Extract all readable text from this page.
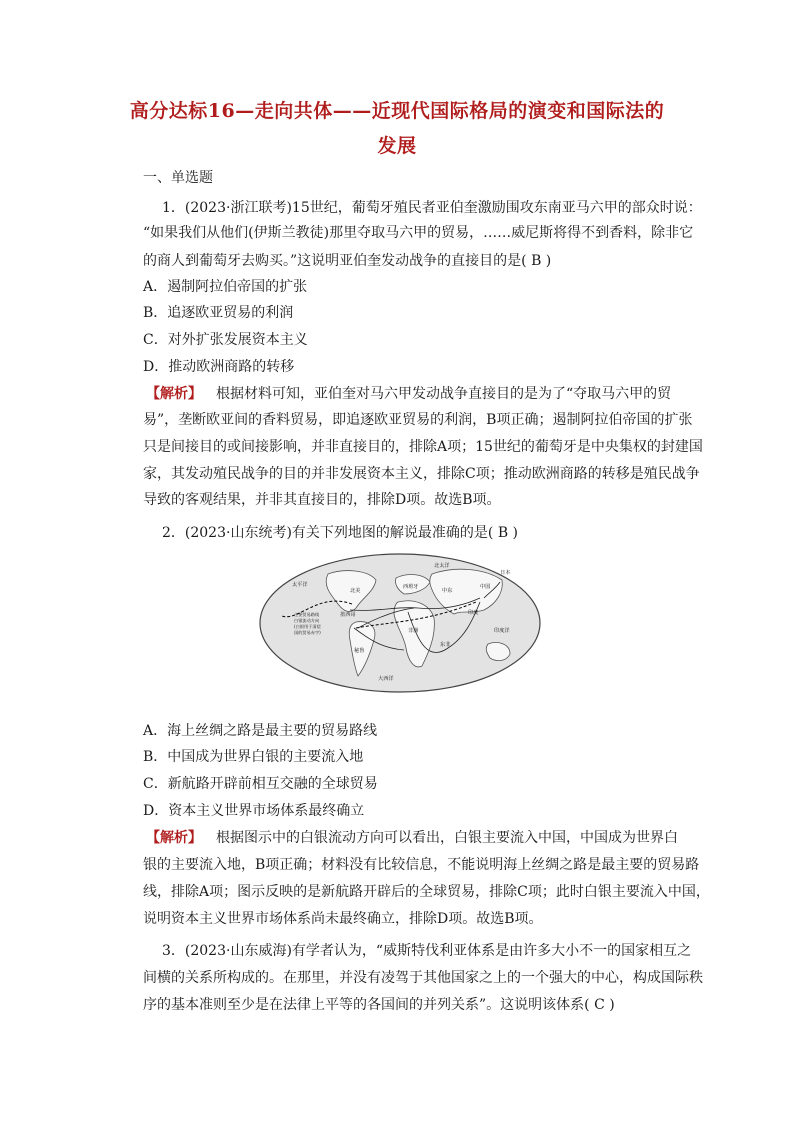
高分达标16—走向共体——近现代国际格局的演变和国际法的
发展
一、单选题
1．(2023·浙江联考)15世纪，葡萄牙殖民者亚伯奎激励围攻东南亚马六甲的部众时说：
“如果我们从他们(伊斯兰教徒)那里夺取马六甲的贸易，……威尼斯将得不到香料，除非它
的商人到葡萄牙去购买。”这说明亚伯奎发动战争的直接目的是( B )
A．遏制阿拉伯帝国的扩张
B．追逐欧亚贸易的利润
C．对外扩张发展资本主义
D．推动欧洲商路的转移
【解析】 根据材料可知，亚伯奎对马六甲发动战争直接目的是为了“夺取马六甲的贸
易”，垄断欧亚间的香料贸易，即追逐欧亚贸易的利润，B项正确；遏制阿拉伯帝国的扩张
只是间接目的或间接影响，并非直接目的，排除A项；15世纪的葡萄牙是中央集权的封建国
家，其发动殖民战争的目的并非发展资本主义，排除C项；推动欧洲商路的转移是殖民战争
导致的客观结果，并非其直接目的，排除D项。故选B项。
2．(2023·山东统考)有关下列地图的解说最准确的是( B )
北太洋
太平洋
大西洋
印度洋
北美	中东
中国
日本
西班牙
非洲
东非
印度
秘鲁
墨西哥
主要贸易路线
白银流动方向
(白银用于清偿
国的贸易赤字)
A．海上丝绸之路是最主要的贸易路线
B．中国成为世界白银的主要流入地
C．新航路开辟前相互交融的全球贸易
D．资本主义世界市场体系最终确立
【解析】 根据图示中的白银流动方向可以看出，白银主要流入中国，中国成为世界白
银的主要流入地，B项正确；材料没有比较信息，不能说明海上丝绸之路是最主要的贸易路
线，排除A项；图示反映的是新航路开辟后的全球贸易，排除C项；此时白银主要流入中国，
说明资本主义世界市场体系尚未最终确立，排除D项。故选B项。
3．(2023·山东威海)有学者认为，“威斯特伐利亚体系是由许多大小不一的国家相互之
间横的关系所构成的。在那里，并没有凌驾于其他国家之上的一个强大的中心，构成国际秩
序的基本准则至少是在法律上平等的各国间的并列关系”。这说明该体系( C )
